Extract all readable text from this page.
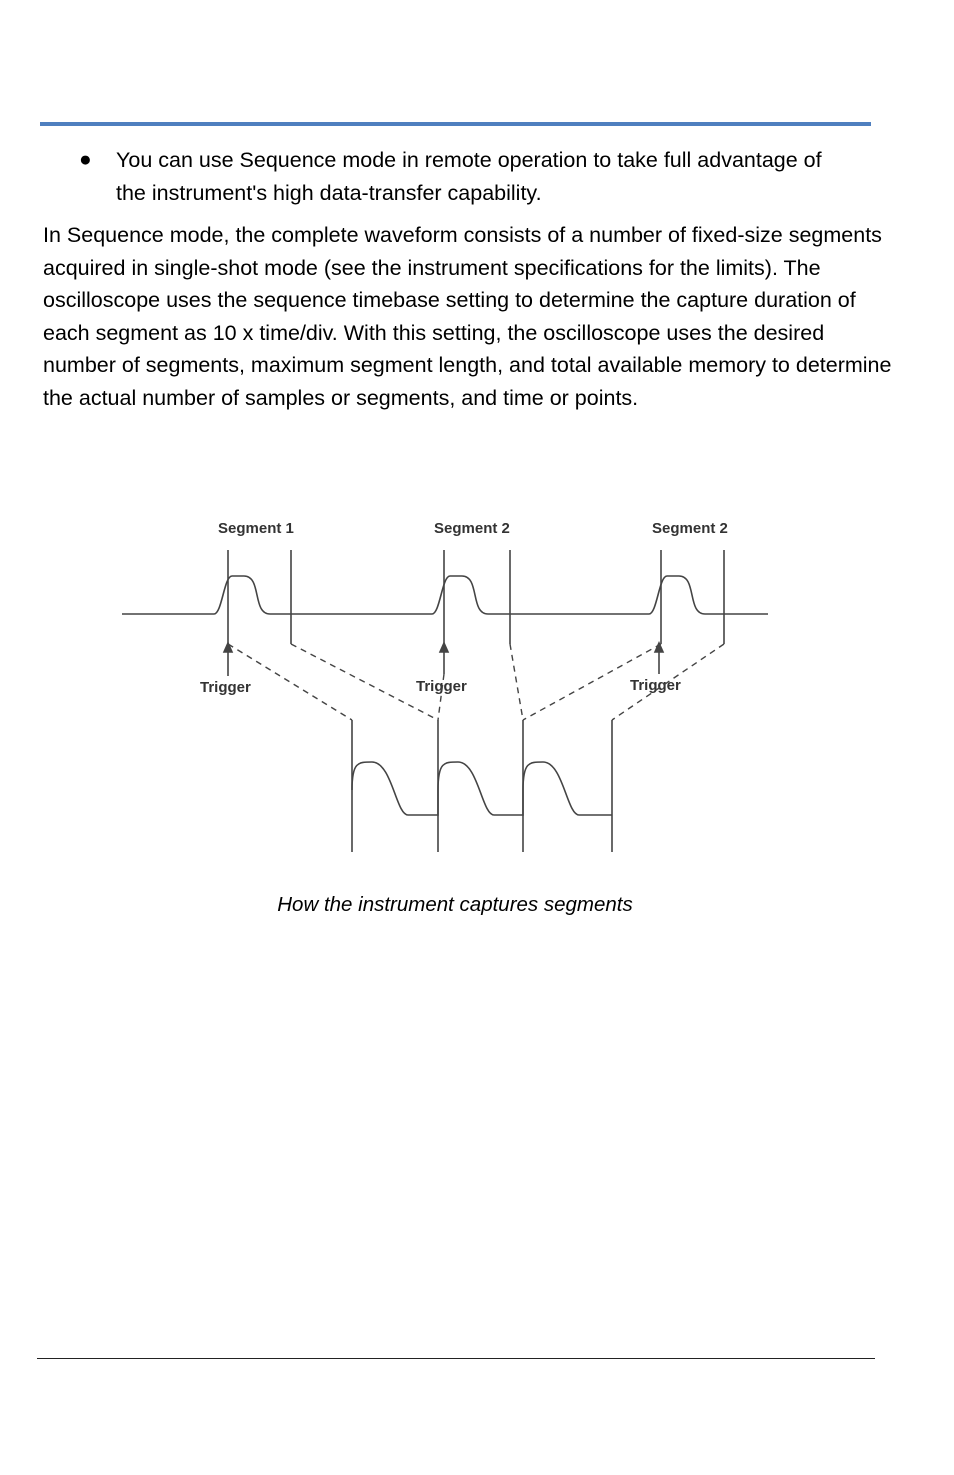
● You can use Sequence mode in remote operation to take full advantage of the instrument's high data-transfer capability.

In Sequence mode, the complete waveform consists of a number of fixed-size segments acquired in single-shot mode (see the instrument specifications for the limits). The oscilloscope uses the sequence timebase setting to determine the capture duration of each segment as 10 x time/div. With this setting, the oscilloscope uses the desired number of segments, maximum segment length, and total available memory to determine the actual number of samples or segments, and time or points.

Segment 1	Segment 2	Segment 2
Trigger	Trigger	Trigger
How the instrument captures segments
